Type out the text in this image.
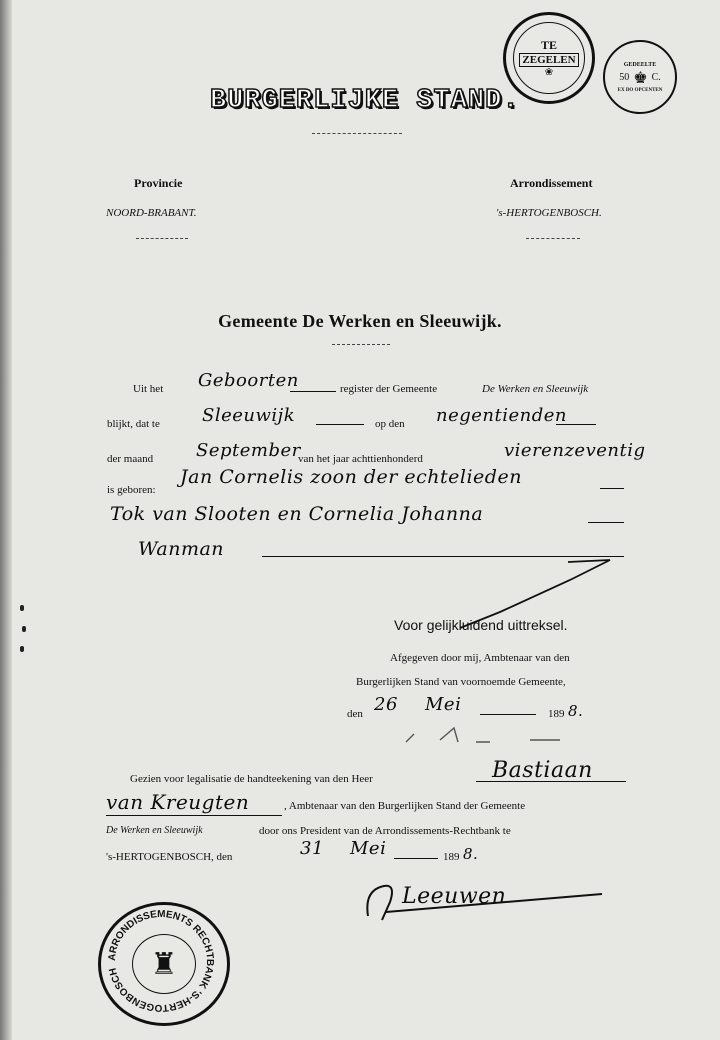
BURGERLIJKE STAND.
TE
ZEGELEN
❀
GEDEELTE
50 ♚ C.
EX DO OPCENTEN
Provincie
NOORD-BRABANT.
Arrondissement
's-HERTOGENBOSCH.
Gemeente De Werken en Sleeuwijk.
Uit het Geboorten	register der Gemeente	De Werken en Sleeuwijk
blijkt, dat te Sleeuwijk	op den negentienden
der maand September
van het jaar achttienhonderd	vierenzeventig
is geboren:
Jan Cornelis zoon der echtelieden
Tok van Slooten en Cornelia Johanna
Wanman
Voor gelijkluidend uittreksel.
Afgegeven door mij, Ambtenaar van den
Burgerlijken Stand van voornoemde Gemeente,
den 26 Mei	189 8.
Gezien voor legalisatie de handteekening van den Heer	Bastiaan
van Kreugten	, Ambtenaar van den Burgerlijken Stand der Gemeente
De Werken en Sleeuwijk	door ons President van de Arrondissements-Rechtbank te
's-HERTOGENBOSCH, den	31 Mei	189 8.
Leeuwen
ARRONDISSEMENTS RECHTBANK 'S-HERTOGENBOSCH	♜
